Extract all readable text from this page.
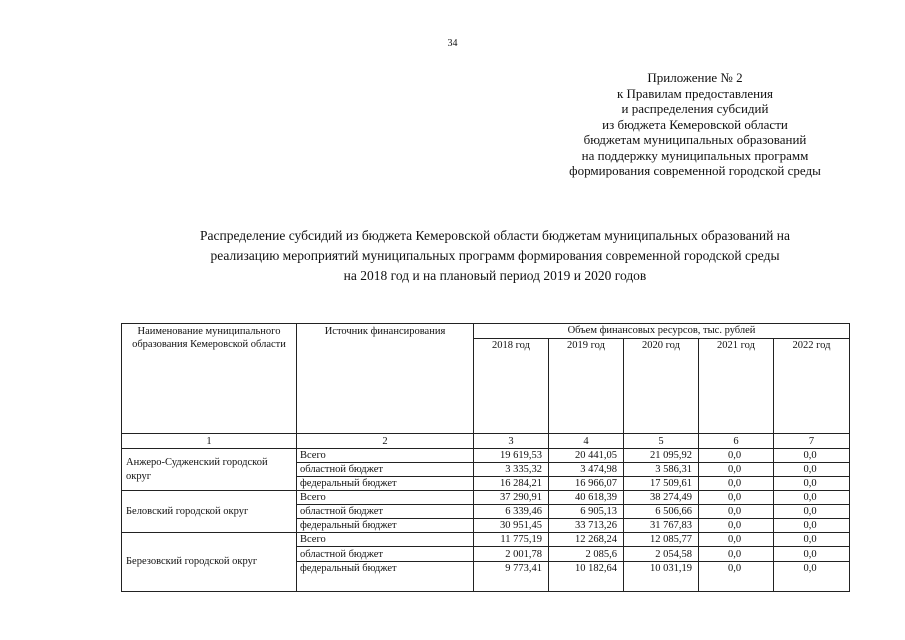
34
Приложение № 2
к Правилам предоставления
и распределения субсидий
из бюджета Кемеровской области
бюджетам муниципальных образований
на поддержку муниципальных программ
формирования современной городской среды
Распределение субсидий из бюджета Кемеровской области бюджетам муниципальных образований на
реализацию мероприятий муниципальных программ формирования современной городской среды
на 2018 год и на плановый период 2019 и 2020 годов
Наименование муниципального образования Кемеровской области	Источник финансирования	Объем финансовых ресурсов, тыс. рублей				
		2018 год	2019 год	2020 год	2021 год	2022 год
1	2	3	4	5	6	7
Анжеро-Судженский городской округ	Всего	19 619,53	20 441,05	21 095,92	0,0	0,0
	областной бюджет	3 335,32	3 474,98	3 586,31	0,0	0,0
	федеральный бюджет	16 284,21	16 966,07	17 509,61	0,0	0,0
Беловский городской округ	Всего	37 290,91	40 618,39	38 274,49	0,0	0,0
	областной бюджет	6 339,46	6 905,13	6 506,66	0,0	0,0
	федеральный бюджет	30 951,45	33 713,26	31 767,83	0,0	0,0
Березовский городской округ	Всего	11 775,19	12 268,24	12 085,77	0,0	0,0
	областной бюджет	2 001,78	2 085,6	2 054,58	0,0	0,0
	федеральный бюджет	9 773,41	10 182,64	10 031,19	0,0	0,0
